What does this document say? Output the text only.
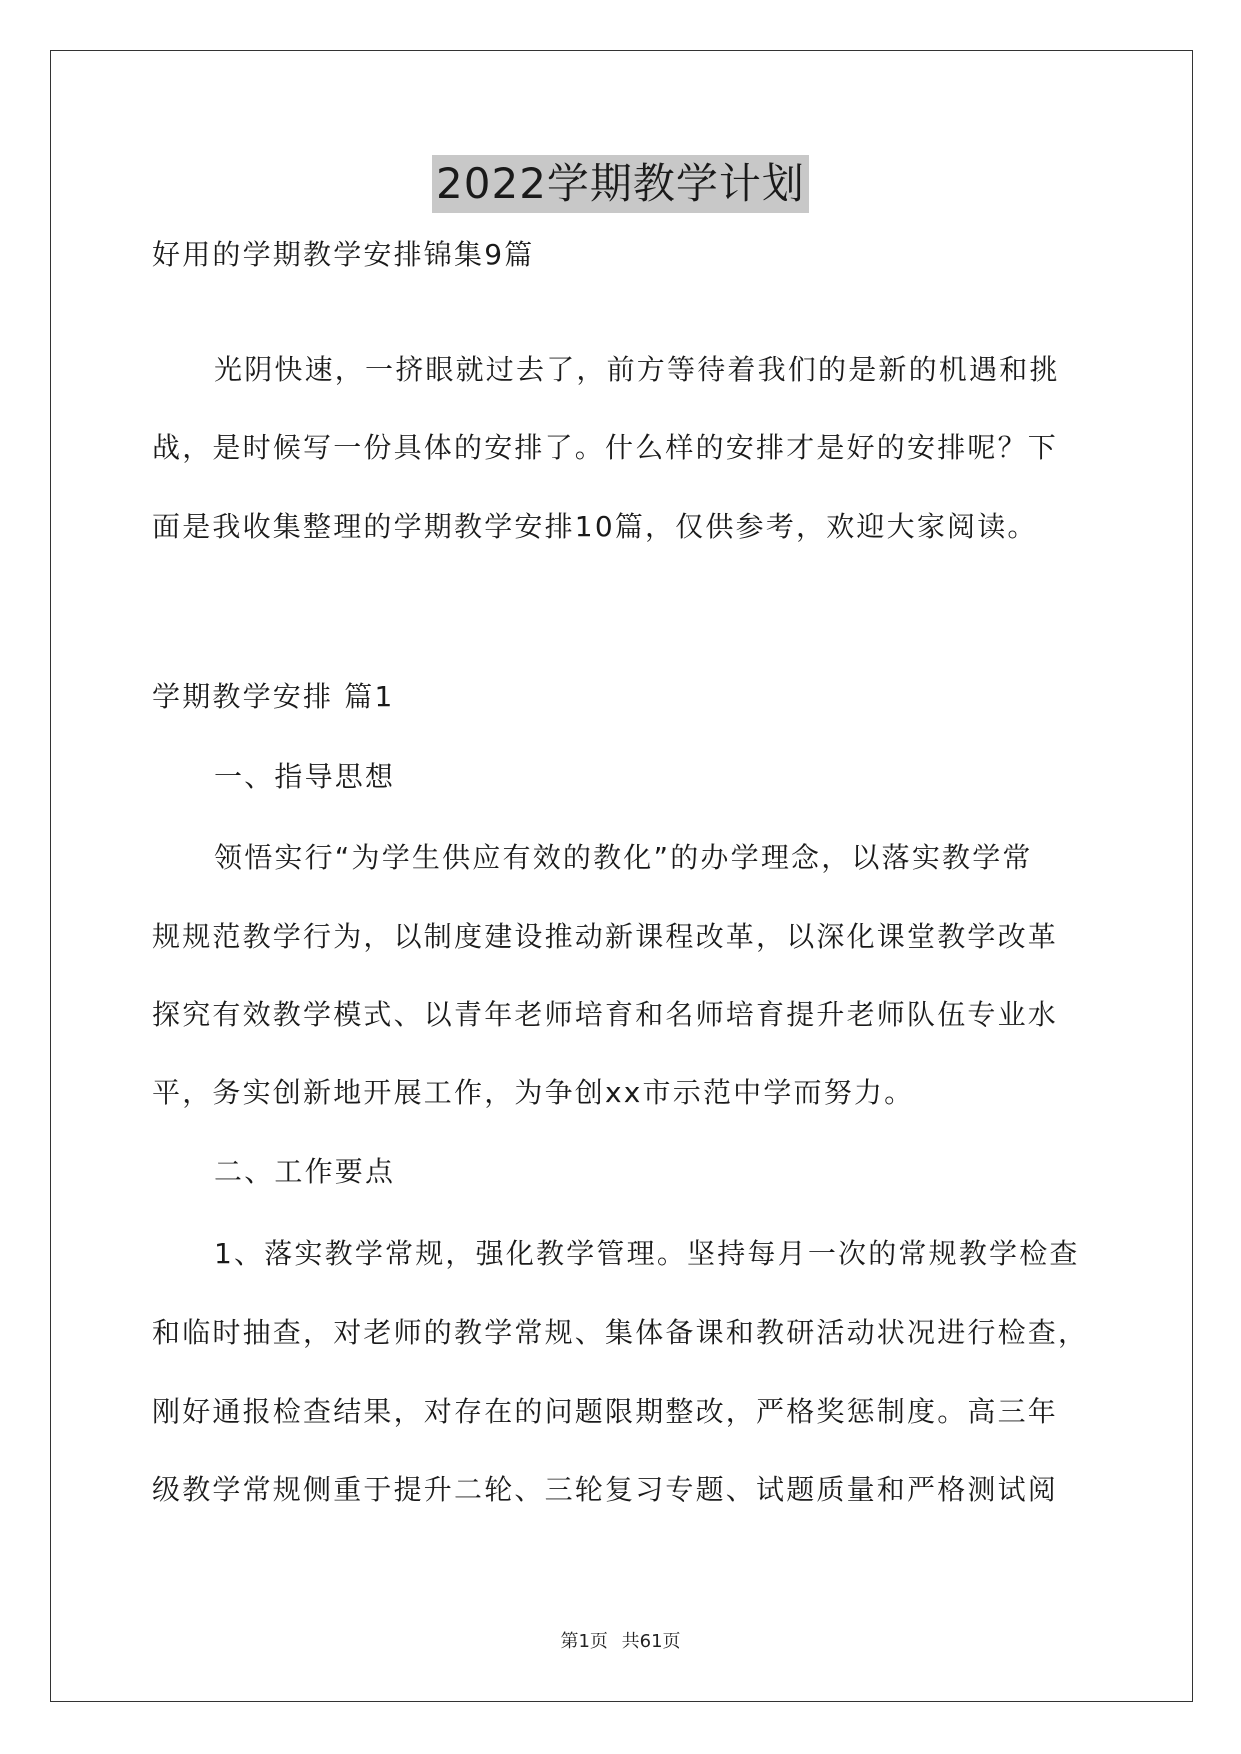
2022学期教学计划
好用的学期教学安排锦集9篇
光阴快速，一挤眼就过去了，前方等待着我们的是新的机遇和挑
战，是时候写一份具体的安排了。什么样的安排才是好的安排呢？下
面是我收集整理的学期教学安排10篇，仅供参考，欢迎大家阅读。
学期教学安排 篇1
一、指导思想
领悟实行“为学生供应有效的教化”的办学理念，以落实教学常
规规范教学行为，以制度建设推动新课程改革，以深化课堂教学改革
探究有效教学模式、以青年老师培育和名师培育提升老师队伍专业水
平，务实创新地开展工作，为争创xx市示范中学而努力。
二、工作要点
1、落实教学常规，强化教学管理。坚持每月一次的常规教学检查
和临时抽查，对老师的教学常规、集体备课和教研活动状况进行检查，
刚好通报检查结果，对存在的问题限期整改，严格奖惩制度。高三年
级教学常规侧重于提升二轮、三轮复习专题、试题质量和严格测试阅
第1页 共61页
